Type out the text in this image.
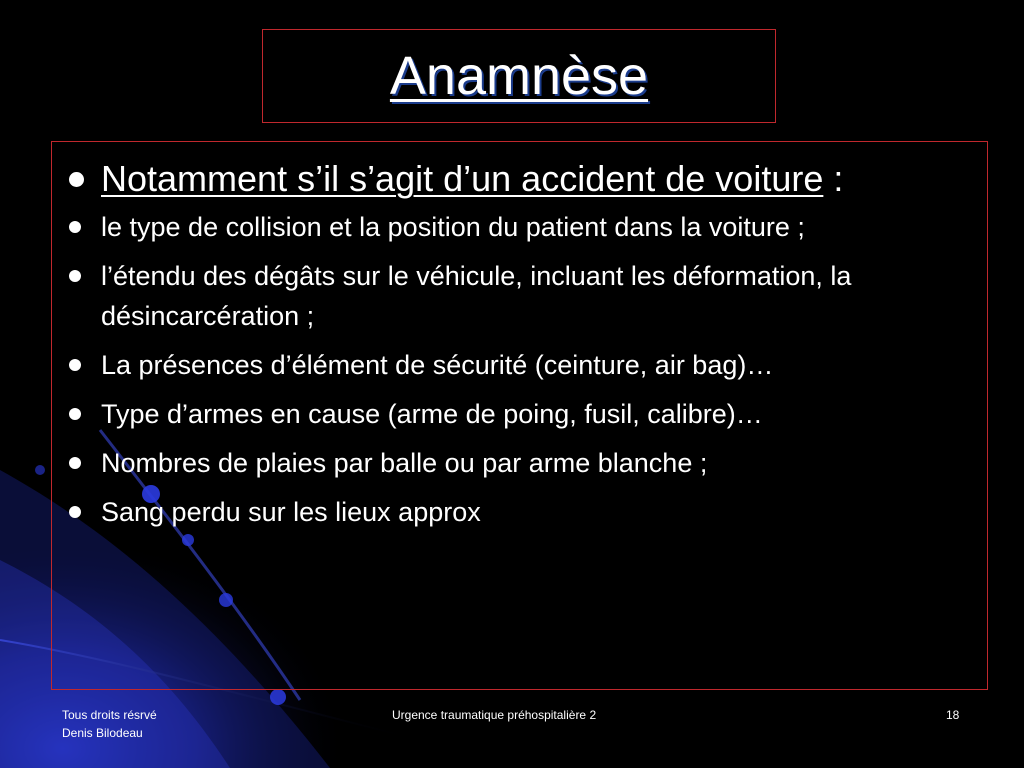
Anamnèse
Notamment s’il s’agit d’un accident de voiture :
le type de collision et la position du patient dans la voiture ;
l’étendu des dégâts sur le véhicule, incluant les déformation, la désincarcération ;
La présences d’élément de sécurité (ceinture, air bag)…
Type d’armes en cause (arme de poing, fusil, calibre)…
Nombres de plaies par balle ou par arme blanche ;
Sang perdu sur les lieux approx
Tous droits résrvé
Denis Bilodeau
Urgence traumatique préhospitalière 2	18
